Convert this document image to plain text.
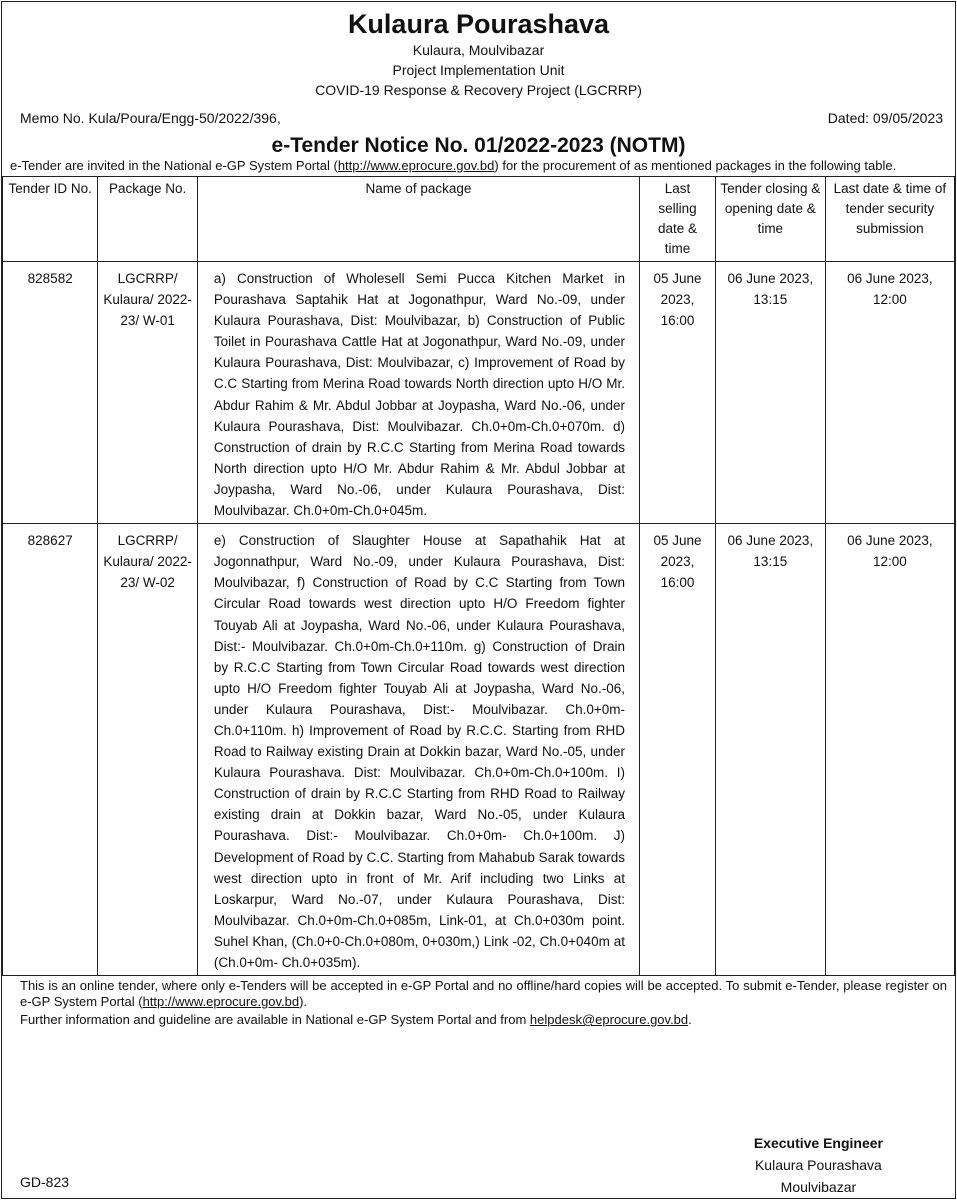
Kulaura Pourashava
Kulaura, Moulvibazar
Project Implementation Unit
COVID-19 Response & Recovery Project (LGCRRP)
Memo No. Kula/Poura/Engg-50/2022/396,	Dated: 09/05/2023
e-Tender Notice No. 01/2022-2023 (NOTM)
e-Tender are invited in the National e-GP System Portal (http://www.eprocure.gov.bd) for the procurement of as mentioned packages in the following table.
Tender ID No.	Package No.	Name of package	Last selling date & time	Tender closing & opening date & time	Last date & time of tender security submission
828582	LGCRRP/ Kulaura/ 2022-23/ W-01	a) Construction of Wholesell Semi Pucca Kitchen Market in Pourashava Saptahik Hat at Jogonathpur, Ward No.-09, under Kulaura Pourashava, Dist: Moulvibazar, b) Construction of Public Toilet in Pourashava Cattle Hat at Jogonathpur, Ward No.-09, under Kulaura Pourashava, Dist: Moulvibazar, c) Improvement of Road by C.C Starting from Merina Road towards North direction upto H/O Mr. Abdur Rahim & Mr. Abdul Jobbar at Joypasha, Ward No.-06, under Kulaura Pourashava, Dist: Moulvibazar. Ch.0+0m-Ch.0+070m. d) Construction of drain by R.C.C Starting from Merina Road towards North direction upto H/O Mr. Abdur Rahim & Mr. Abdul Jobbar at Joypasha, Ward No.-06, under Kulaura Pourashava, Dist: Moulvibazar. Ch.0+0m-Ch.0+045m.	05 June 2023, 16:00	06 June 2023, 13:15	06 June 2023, 12:00
828627	LGCRRP/ Kulaura/ 2022-23/ W-02	e) Construction of Slaughter House at Sapathahik Hat at Jogonnathpur, Ward No.-09, under Kulaura Pourashava, Dist: Moulvibazar, f) Construction of Road by C.C Starting from Town Circular Road towards west direction upto H/O Freedom fighter Touyab Ali at Joypasha, Ward No.-06, under Kulaura Pourashava, Dist:- Moulvibazar. Ch.0+0m-Ch.0+110m. g) Construction of Drain by R.C.C Starting from Town Circular Road towards west direction upto H/O Freedom fighter Touyab Ali at Joypasha, Ward No.-06, under Kulaura Pourashava, Dist:- Moulvibazar. Ch.0+0m-Ch.0+110m. h) Improvement of Road by R.C.C. Starting from RHD Road to Railway existing Drain at Dokkin bazar, Ward No.-05, under Kulaura Pourashava. Dist: Moulvibazar. Ch.0+0m-Ch.0+100m. I) Construction of drain by R.C.C Starting from RHD Road to Railway existing drain at Dokkin bazar, Ward No.-05, under Kulaura Pourashava. Dist:- Moulvibazar. Ch.0+0m- Ch.0+100m. J) Development of Road by C.C. Starting from Mahabub Sarak towards west direction upto in front of Mr. Arif including two Links at Loskarpur, Ward No.-07, under Kulaura Pourashava, Dist: Moulvibazar. Ch.0+0m-Ch.0+085m, Link-01, at Ch.0+030m point. Suhel Khan, (Ch.0+0-Ch.0+080m, 0+030m,) Link -02, Ch.0+040m at (Ch.0+0m- Ch.0+035m).	05 June 2023, 16:00	06 June 2023, 13:15	06 June 2023, 12:00
This is an online tender, where only e-Tenders will be accepted in e-GP Portal and no offline/hard copies will be accepted. To submit e-Tender, please register on e-GP System Portal (http://www.eprocure.gov.bd).
Further information and guideline are available in National e-GP System Portal and from helpdesk@eprocure.gov.bd.
Executive Engineer
Kulaura Pourashava
Moulvibazar
GD-823
